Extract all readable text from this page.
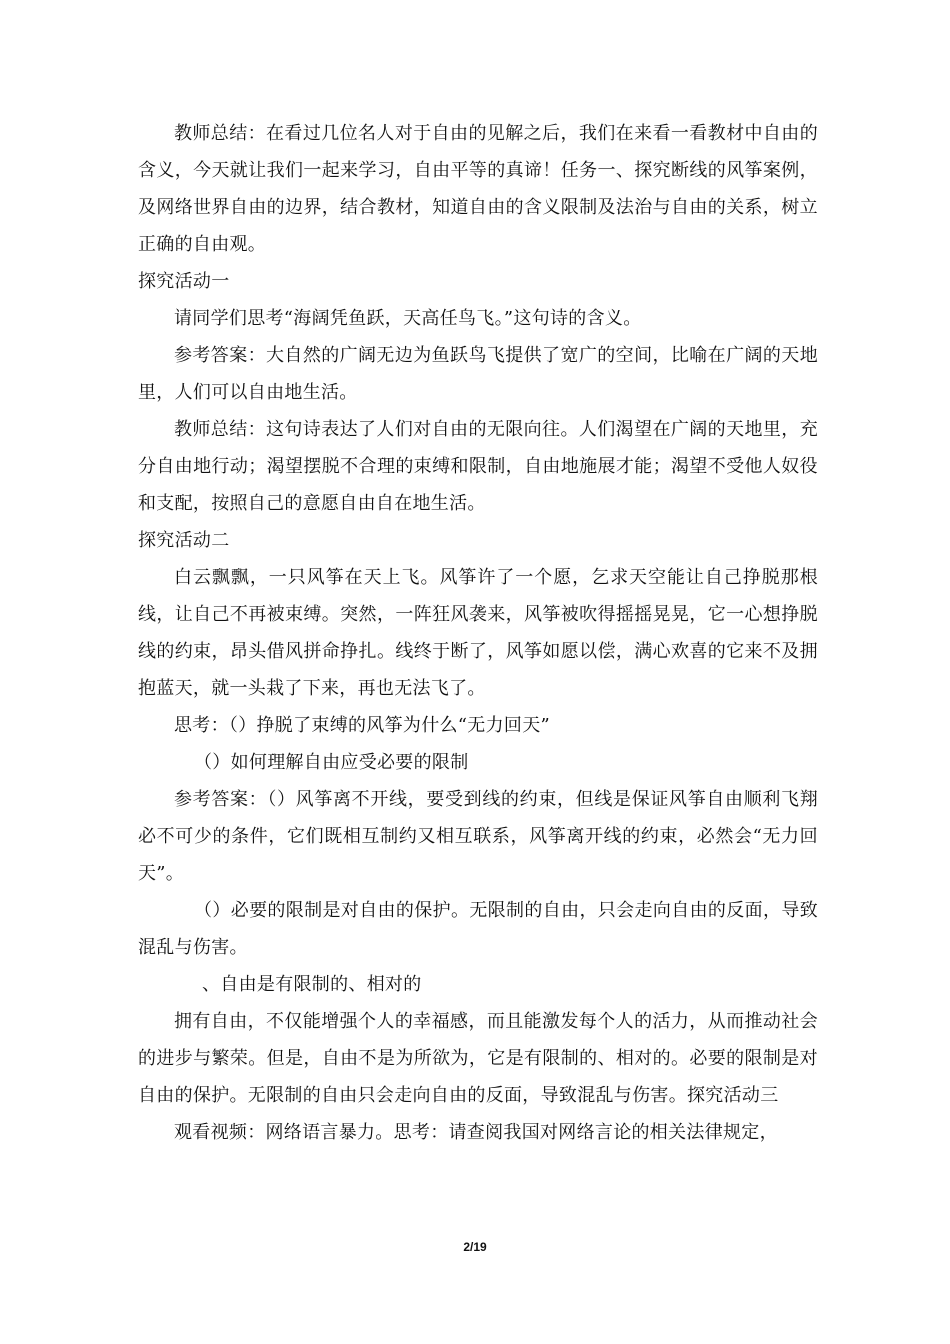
教师总结：在看过几位名人对于自由的见解之后，我们在来看一看教材中自由的含义，今天就让我们一起来学习，自由平等的真谛！任务一、探究断线的风筝案例，及网络世界自由的边界，结合教材，知道自由的含义限制及法治与自由的关系，树立正确的自由观。

探究活动一

请同学们思考“海阔凭鱼跃，天高任鸟飞。”这句诗的含义。

参考答案：大自然的广阔无边为鱼跃鸟飞提供了宽广的空间，比喻在广阔的天地里，人们可以自由地生活。

教师总结：这句诗表达了人们对自由的无限向往。人们渴望在广阔的天地里，充分自由地行动；渴望摆脱不合理的束缚和限制，自由地施展才能；渴望不受他人奴役和支配，按照自己的意愿自由自在地生活。

探究活动二

白云飘飘，一只风筝在天上飞。风筝许了一个愿，乞求天空能让自己挣脱那根线，让自己不再被束缚。突然，一阵狂风袭来，风筝被吹得摇摇晃晃，它一心想挣脱线的约束，昂头借风拼命挣扎。线终于断了，风筝如愿以偿，满心欢喜的它来不及拥抱蓝天，就一头栽了下来，再也无法飞了。

思考：（）挣脱了束缚的风筝为什么“无力回天”

（）如何理解自由应受必要的限制

参考答案：（）风筝离不开线，要受到线的约束，但线是保证风筝自由顺利飞翔必不可少的条件，它们既相互制约又相互联系，风筝离开线的约束，必然会“无力回天”。

（）必要的限制是对自由的保护。无限制的自由，只会走向自由的反面，导致混乱与伤害。

、自由是有限制的、相对的

拥有自由，不仅能增强个人的幸福感，而且能激发每个人的活力，从而推动社会的进步与繁荣。但是，自由不是为所欲为，它是有限制的、相对的。必要的限制是对自由的保护。无限制的自由只会走向自由的反面，导致混乱与伤害。探究活动三

观看视频：网络语言暴力。思考：请查阅我国对网络言论的相关法律规定，

2/19
